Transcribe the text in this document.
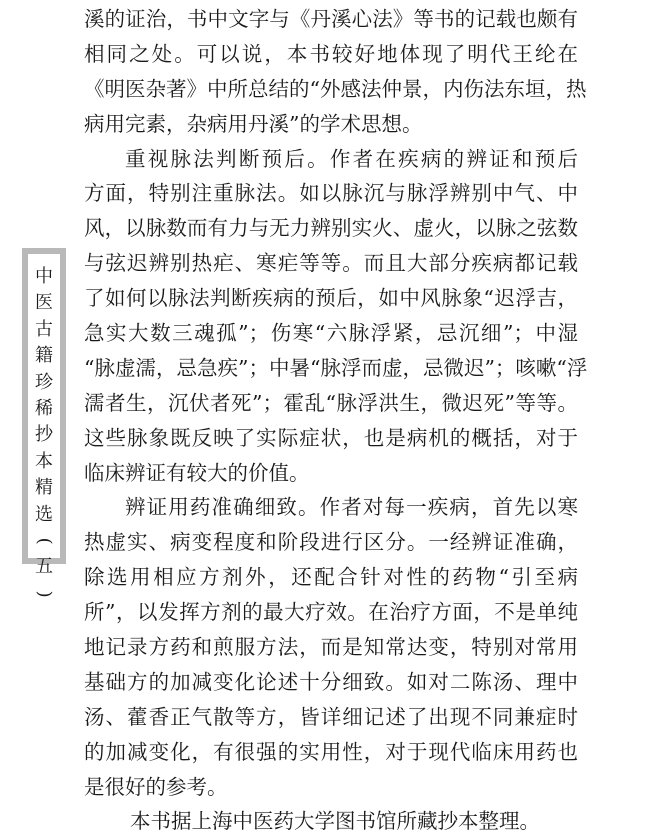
中
医
古
籍
珍
稀
抄
本
精
选
(
五
)
溪的证治，书中文字与《丹溪心法》等书的记载也颇有
相同之处。可以说，本书较好地体现了明代王纶在
《明医杂著》中所总结的“外感法仲景，内伤法东垣，热
病用完素，杂病用丹溪”的学术思想。
重视脉法判断预后。作者在疾病的辨证和预后
方面，特别注重脉法。如以脉沉与脉浮辨别中气、中
风，以脉数而有力与无力辨别实火、虚火，以脉之弦数
与弦迟辨别热疟、寒疟等等。而且大部分疾病都记载
了如何以脉法判断疾病的预后，如中风脉象“迟浮吉，
急实大数三魂孤”；伤寒“六脉浮紧，忌沉细”；中湿
“脉虚濡，忌急疾”；中暑“脉浮而虚，忌微迟”；咳嗽“浮
濡者生，沉伏者死”；霍乱“脉浮洪生，微迟死”等等。
这些脉象既反映了实际症状，也是病机的概括，对于
临床辨证有较大的价值。
辨证用药准确细致。作者对每一疾病，首先以寒
热虚实、病变程度和阶段进行区分。一经辨证准确，
除选用相应方剂外，还配合针对性的药物“引至病
所”，以发挥方剂的最大疗效。在治疗方面，不是单纯
地记录方药和煎服方法，而是知常达变，特别对常用
基础方的加减变化论述十分细致。如对二陈汤、理中
汤、藿香正气散等方，皆详细记述了出现不同兼症时
的加减变化，有很强的实用性，对于现代临床用药也
是很好的参考。
本书据上海中医药大学图书馆所藏抄本整理。
